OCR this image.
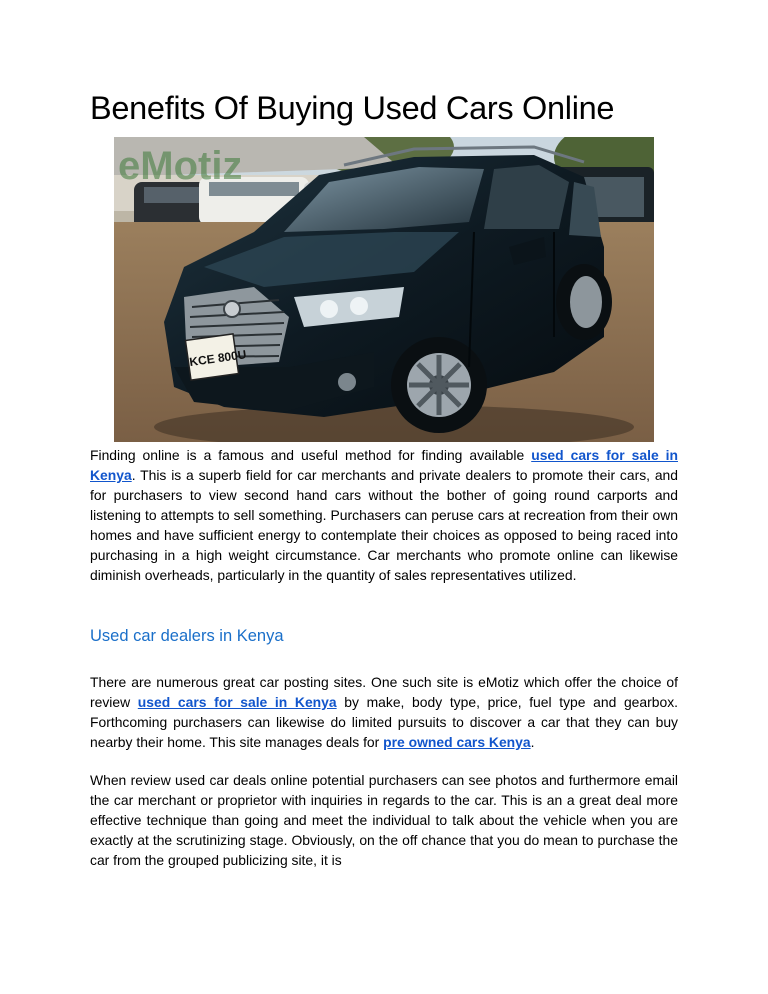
Benefits Of Buying Used Cars Online
KCE 800U
eMotiz

Finding online is a famous and useful method for finding available used cars for sale in Kenya. This is a superb field for car merchants and private dealers to promote their cars, and for purchasers to view second hand cars without the bother of going round carports and listening to attempts to sell something. Purchasers can peruse cars at recreation from their own homes and have sufficient energy to contemplate their choices as opposed to being raced into purchasing in a high weight circumstance. Car merchants who promote online can likewise diminish overheads, particularly in the quantity of sales representatives utilized.

Used car dealers in Kenya

There are numerous great car posting sites. One such site is eMotiz which offer the choice of review used cars for sale in Kenya by make, body type, price, fuel type and gearbox. Forthcoming purchasers can likewise do limited pursuits to discover a car that they can buy nearby their home. This site manages deals for pre owned cars Kenya.

When review used car deals online potential purchasers can see photos and furthermore email the car merchant or proprietor with inquiries in regards to the car. This is an a great deal more effective technique than going and meet the individual to talk about the vehicle when you are exactly at the scrutinizing stage. Obviously, on the off chance that you do mean to purchase the car from the grouped publicizing site, it is
